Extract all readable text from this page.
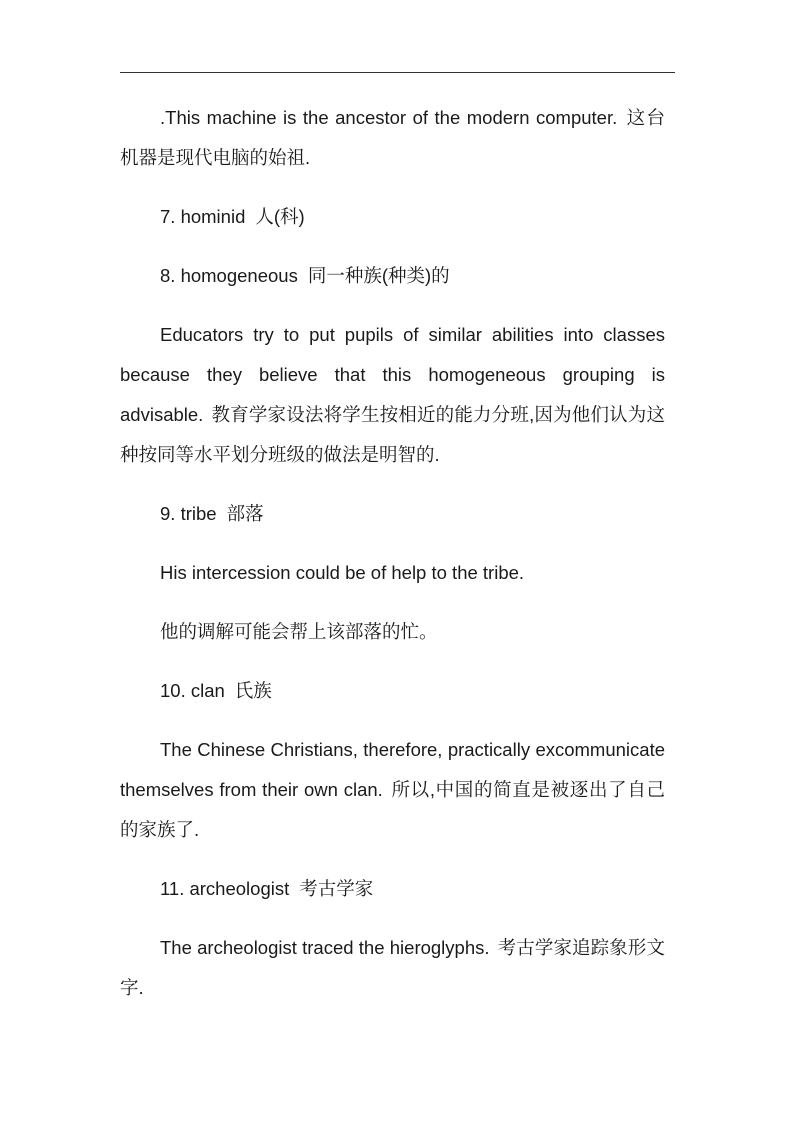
.This machine is the ancestor of the modern computer. 这台机器是现代电脑的始祖.

7. hominid 人(科)

8. homogeneous 同一种族(种类)的

Educators try to put pupils of similar abilities into classes because they believe that this homogeneous grouping is advisable. 教育学家设法将学生按相近的能力分班,因为他们认为这种按同等水平划分班级的做法是明智的.

9. tribe 部落

His intercession could be of help to the tribe.

他的调解可能会帮上该部落的忙。

10. clan 氏族

The Chinese Christians, therefore, practically excommunicate themselves from their own clan. 所以,中国的简直是被逐出了自己的家族了.

11. archeologist 考古学家

The archeologist traced the hieroglyphs. 考古学家追踪象形文字.
